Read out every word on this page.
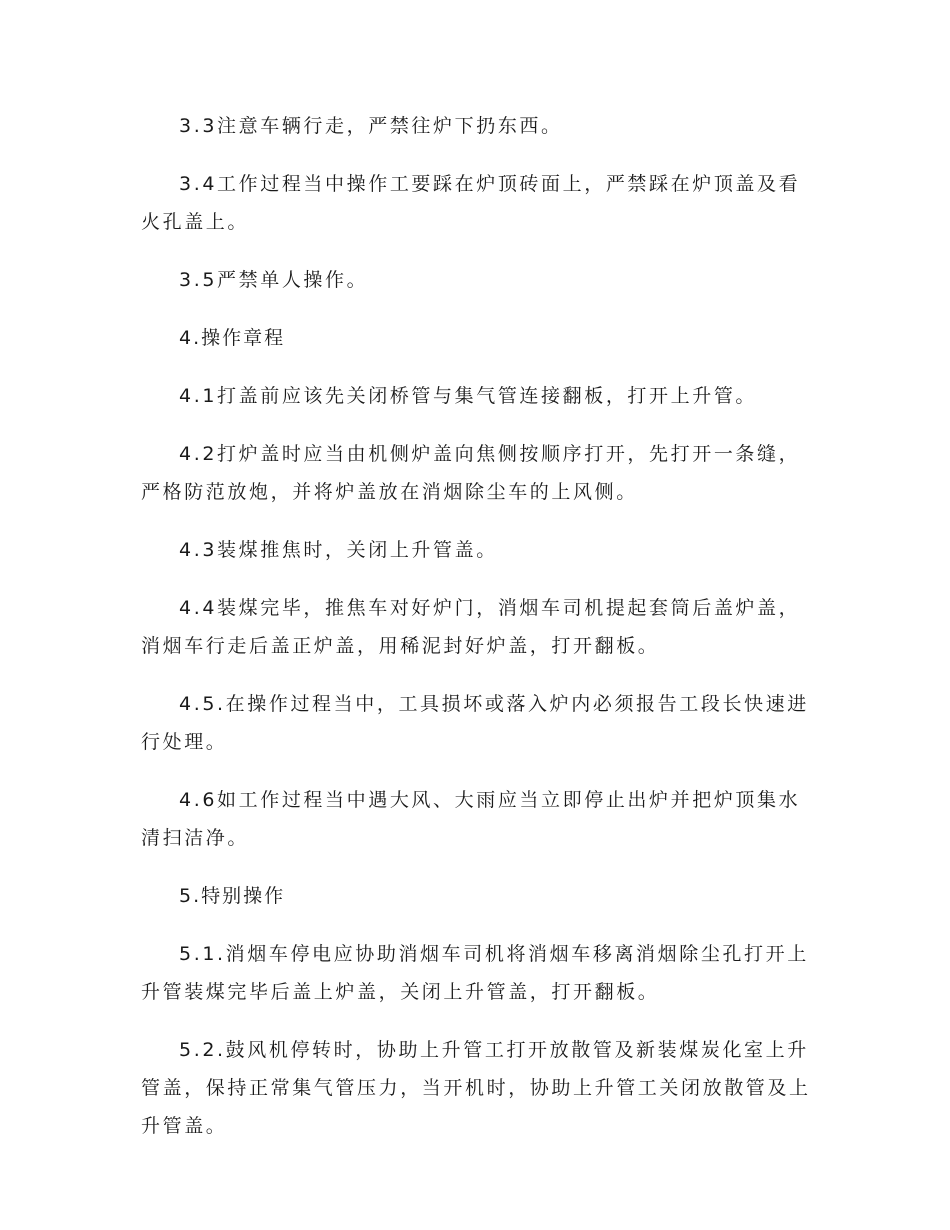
3.3注意车辆行走，严禁往炉下扔东西。

3.4工作过程当中操作工要踩在炉顶砖面上，严禁踩在炉顶盖及看火孔盖上。

3.5严禁单人操作。

4.操作章程

4.1打盖前应该先关闭桥管与集气管连接翻板，打开上升管。

4.2打炉盖时应当由机侧炉盖向焦侧按顺序打开，先打开一条缝，严格防范放炮，并将炉盖放在消烟除尘车的上风侧。

4.3装煤推焦时，关闭上升管盖。

4.4装煤完毕，推焦车对好炉门，消烟车司机提起套筒后盖炉盖，消烟车行走后盖正炉盖，用稀泥封好炉盖，打开翻板。

4.5.在操作过程当中，工具损坏或落入炉内必须报告工段长快速进行处理。

4.6如工作过程当中遇大风、大雨应当立即停止出炉并把炉顶集水清扫洁净。

5.特别操作

5.1.消烟车停电应协助消烟车司机将消烟车移离消烟除尘孔打开上升管装煤完毕后盖上炉盖，关闭上升管盖，打开翻板。

5.2.鼓风机停转时，协助上升管工打开放散管及新装煤炭化室上升管盖，保持正常集气管压力，当开机时，协助上升管工关闭放散管及上升管盖。
